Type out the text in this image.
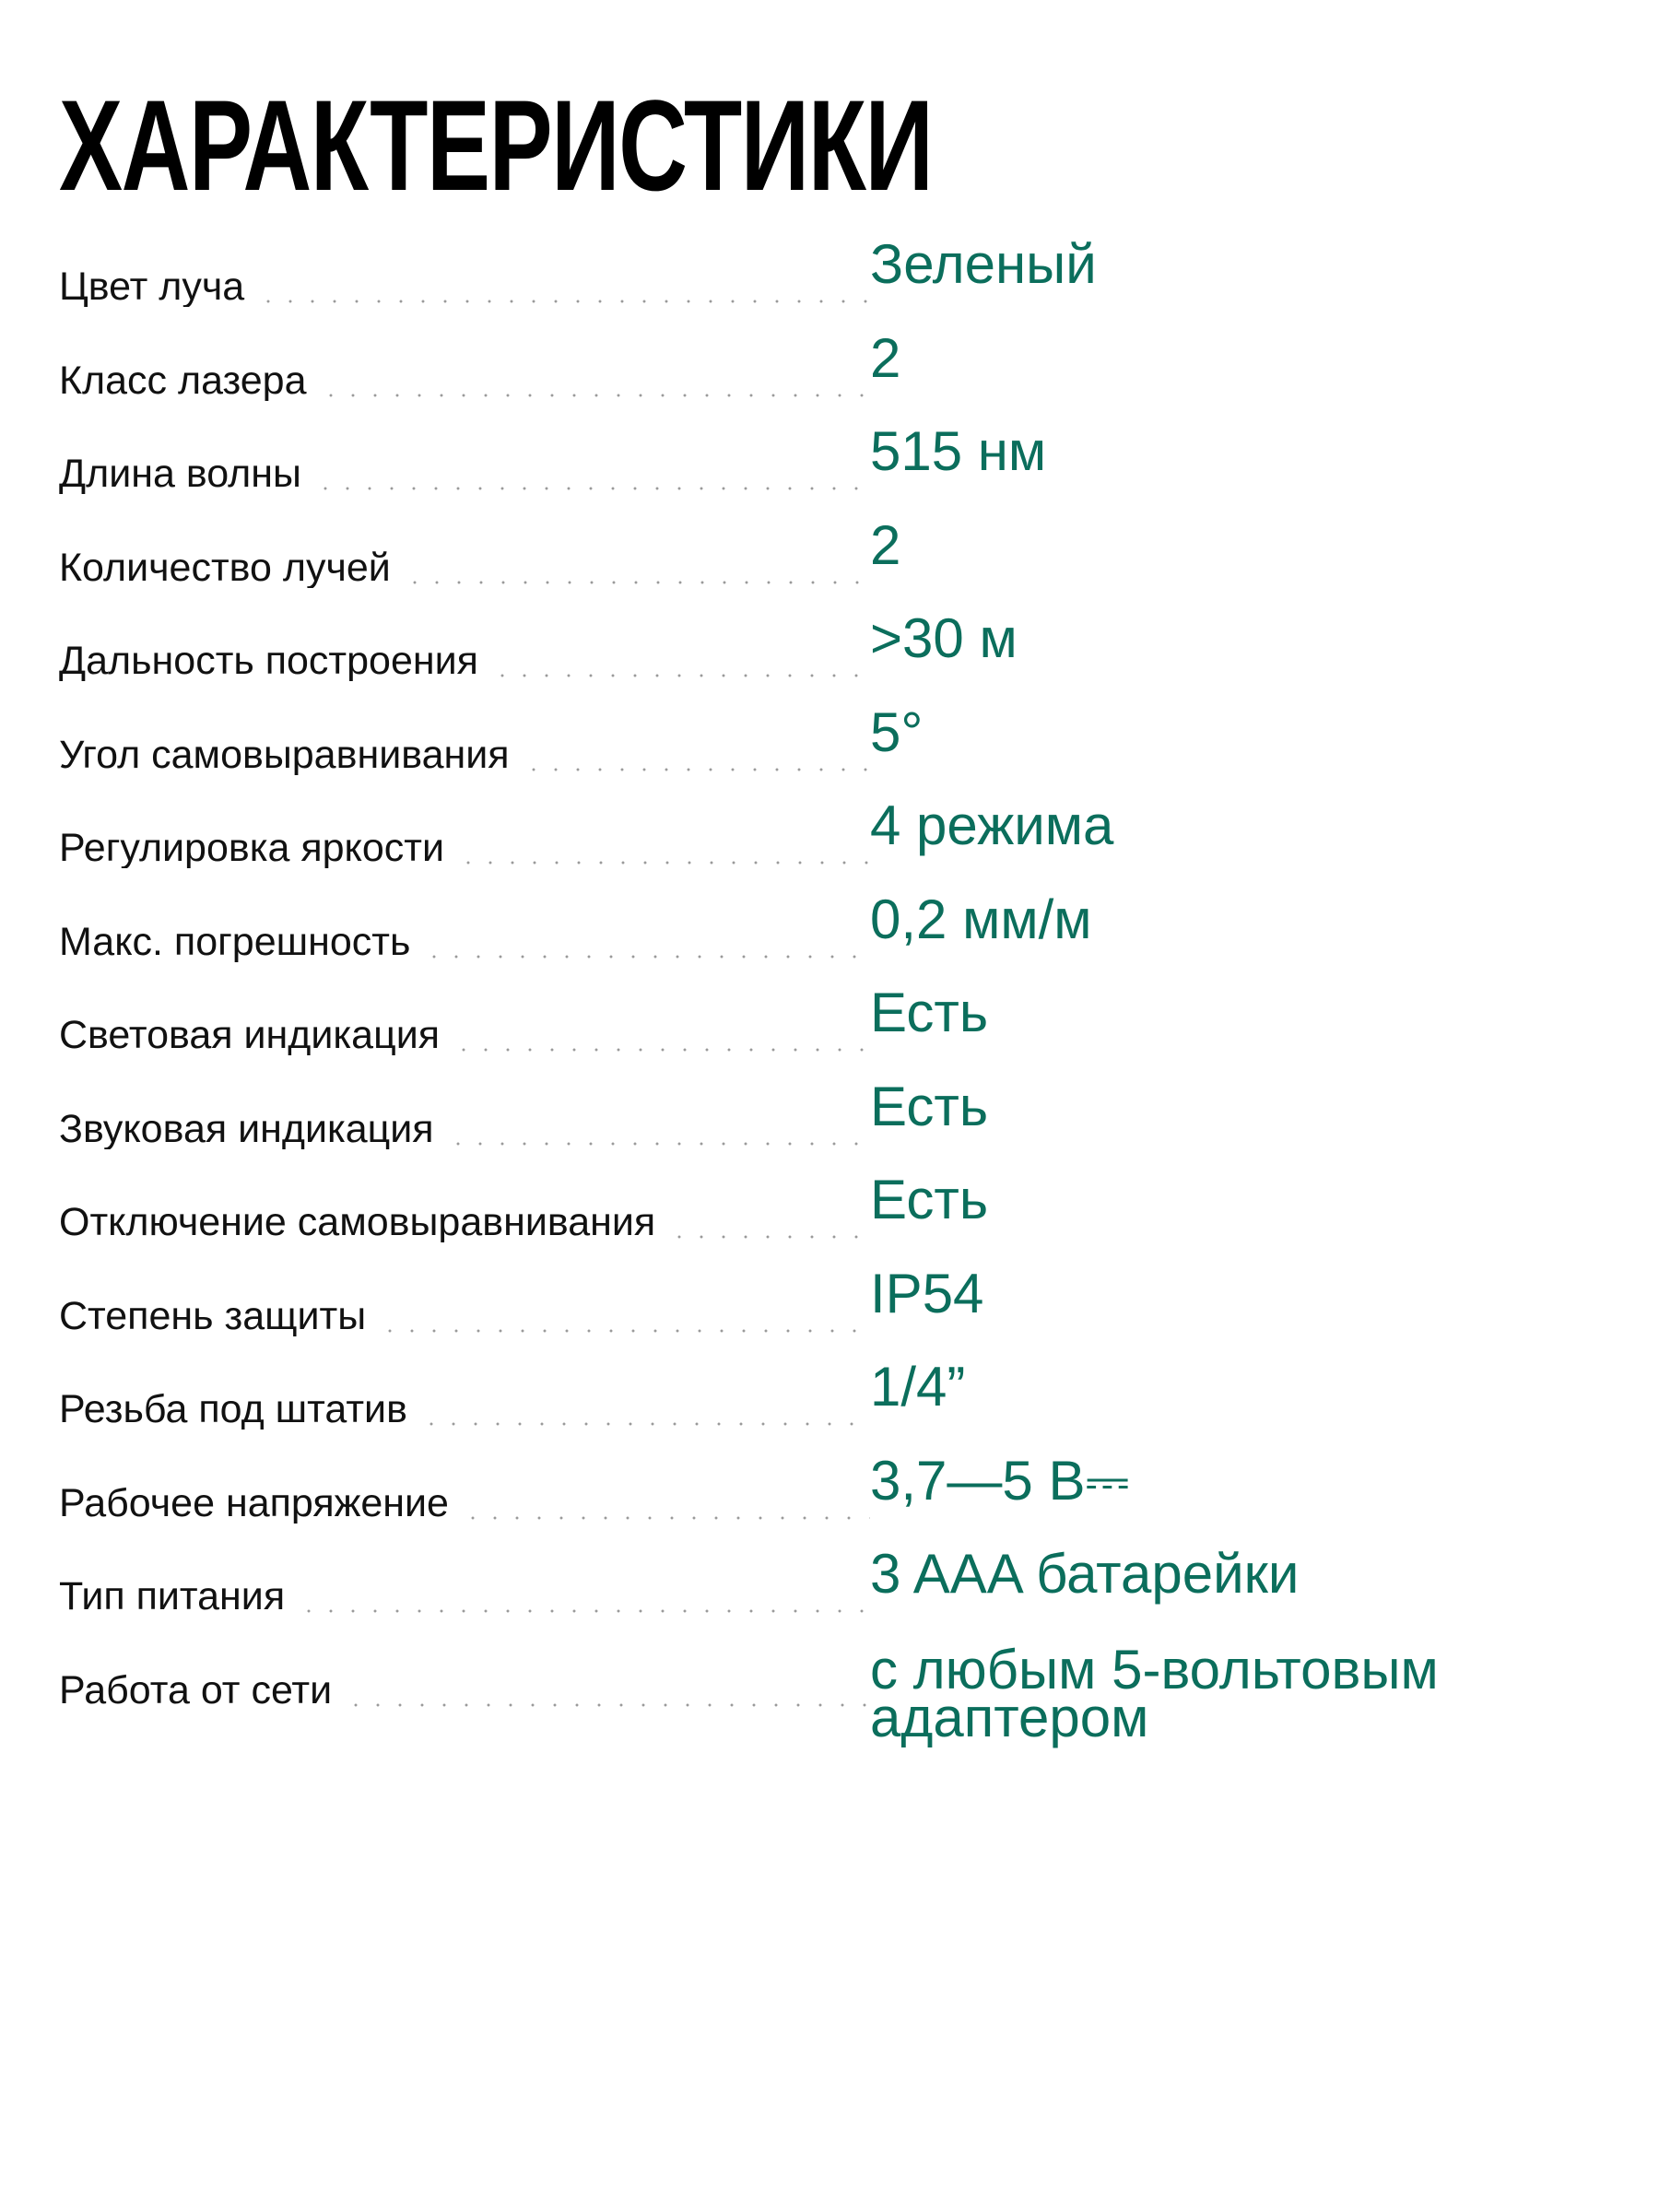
ХАРАКТЕРИСТИКИ
Цвет луча	Зеленый
Класс лазера	2
Длина волны	515 нм
Количество лучей	2
Дальность построения	>30 м
Угол самовыравнивания	5°
Регулировка яркости	4 режима
Макс. погрешность	0,2 мм/м
Световая индикация	Есть
Звуковая индикация	Есть
Отключение самовыравнивания	Есть
Степень защиты	IP54
Резьба под штатив	1/4”
Рабочее напряжение	3,7—5 В⎓
Тип питания	3 AAA батарейки
Работа от сети	с любым 5-вольтовым адаптером
